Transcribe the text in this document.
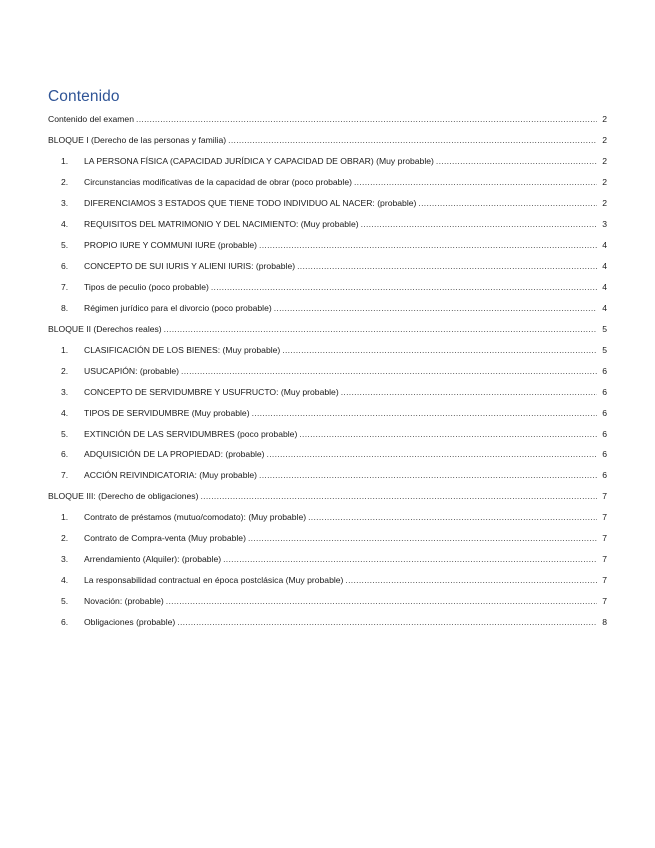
Contenido
Contenido del examen .....	2
BLOQUE I (Derecho de las personas y familia) .....	2
1.	LA PERSONA FÍSICA (CAPACIDAD JURÍDICA Y CAPACIDAD DE OBRAR) (Muy probable) .....	2
2.	Circunstancias modificativas de la capacidad de obrar (poco probable) .....	2
3.	DIFERENCIAMOS 3 ESTADOS QUE TIENE TODO INDIVIDUO AL NACER: (probable) .....	2
4.	REQUISITOS DEL MATRIMONIO Y DEL NACIMIENTO: (Muy probable) .....	3
5.	PROPIO IURE Y COMMUNI IURE (probable) .....	4
6.	CONCEPTO DE SUI IURIS Y ALIENI IURIS: (probable) .....	4
7.	Tipos de peculio (poco probable) .....	4
8.	Régimen jurídico para el divorcio (poco probable) .....	4
BLOQUE II (Derechos reales) .....	5
1.	CLASIFICACIÓN DE LOS BIENES: (Muy probable) .....	5
2.	USUCAPIÓN: (probable) .....	6
3.	CONCEPTO DE SERVIDUMBRE Y USUFRUCTO: (Muy probable) .....	6
4.	TIPOS DE SERVIDUMBRE (Muy probable) .....	6
5.	EXTINCIÓN DE LAS SERVIDUMBRES (poco probable) .....	6
6.	ADQUISICIÓN DE LA PROPIEDAD: (probable) .....	6
7.	ACCIÓN REIVINDICATORIA: (Muy probable) .....	6
BLOQUE III: (Derecho de obligaciones) .....	7
1.	Contrato de préstamos (mutuo/comodato): (Muy probable) .....	7
2.	Contrato de Compra-venta (Muy probable) .....	7
3.	Arrendamiento (Alquiler): (probable) .....	7
4.	La responsabilidad contractual en época postclásica (Muy probable) .....	7
5.	Novación: (probable) .....	7
6.	Obligaciones (probable) .....	8
